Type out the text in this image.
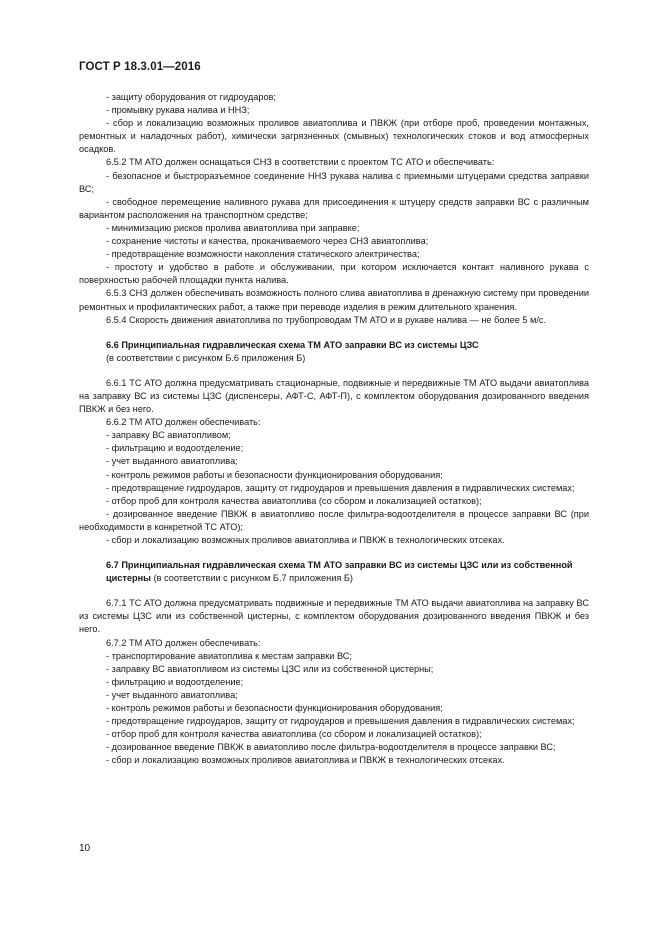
ГОСТ Р 18.3.01—2016

- защиту оборудования от гидроударов;

- промывку рукава налива и ННЗ;

- сбор и локализацию возможных проливов авиатоплива и ПВКЖ (при отборе проб, проведении монтажных, ремонтных и наладочных работ), химически загрязненных (смывных) технологических стоков и вод атмосферных осадков.

6.5.2 ТМ АТО должен оснащаться СНЗ в соответствии с проектом ТС АТО и обеспечивать:

- безопасное и быстроразъемное соединение ННЗ рукава налива с приемными штуцерами средства заправки ВС;

- свободное перемещение наливного рукава для присоединения к штуцеру средств заправки ВС с различным вариантом расположения на транспортном средстве;

- минимизацию рисков пролива авиатоплива при заправке;

- сохранение чистоты и качества, прокачиваемого через СНЗ авиатоплива;

- предотвращение возможности накопления статического электричества;

- простоту и удобство в работе и обслуживании, при котором исключается контакт наливного рукава с поверхностью рабочей площадки пункта налива.

6.5.3 СНЗ должен обеспечивать возможность полного слива авиатоплива в дренажную систему при проведении ремонтных и профилактических работ, а также при переводе изделия в режим длительного хранения.

6.5.4 Скорость движения авиатоплива по трубопроводам ТМ АТО и в рукаве налива — не более 5 м/с.

6.6 Принципиальная гидравлическая схема ТМ АТО заправки ВС из системы ЦЗС
(в соответствии с рисунком Б.6 приложения Б)

6.6.1 ТС АТО должна предусматривать стационарные, подвижные и передвижные ТМ АТО выдачи авиатоплива на заправку ВС из системы ЦЗС (диспенсеры, АФТ-С, АФТ-П), с комплектом оборудования дозированного введения ПВКЖ и без него.

6.6.2 ТМ АТО должен обеспечивать:

- заправку ВС авиатопливом;

- фильтрацию и водоотделение;

- учет выданного авиатоплива;

- контроль режимов работы и безопасности функционирования оборудования;

- предотвращение гидроударов, защиту от гидроударов и превышения давления в гидравлических системах;

- отбор проб для контроля качества авиатоплива (со сбором и локализацией остатков);

- дозированное введение ПВКЖ в авиатопливо после фильтра-водоотделителя в процессе заправки ВС (при необходимости в конкретной ТС АТО);

- сбор и локализацию возможных проливов авиатоплива и ПВКЖ в технологических отсеках.

6.7 Принципиальная гидравлическая схема ТМ АТО заправки ВС из системы ЦЗС или из собственной цистерны (в соответствии с рисунком Б.7 приложения Б)

6.7.1 ТС АТО должна предусматривать подвижные и передвижные ТМ АТО выдачи авиатоплива на заправку ВС из системы ЦЗС или из собственной цистерны, с комплектом оборудования дозированного введения ПВКЖ и без него.

6.7.2 ТМ АТО должен обеспечивать:

- транспортирование авиатоплива к местам заправки ВС;

- заправку ВС авиатопливом из системы ЦЗС или из собственной цистерны;

- фильтрацию и водоотделение;

- учет выданного авиатоплива;

- контроль режимов работы и безопасности функционирования оборудования;

- предотвращение гидроударов, защиту от гидроударов и превышения давления в гидравлических системах;

- отбор проб для контроля качества авиатоплива (со сбором и локализацией остатков);

- дозированное введение ПВКЖ в авиатопливо после фильтра-водоотделителя в процессе заправки ВС;

- сбор и локализацию возможных проливов авиатоплива и ПВКЖ в технологических отсеках.

10
